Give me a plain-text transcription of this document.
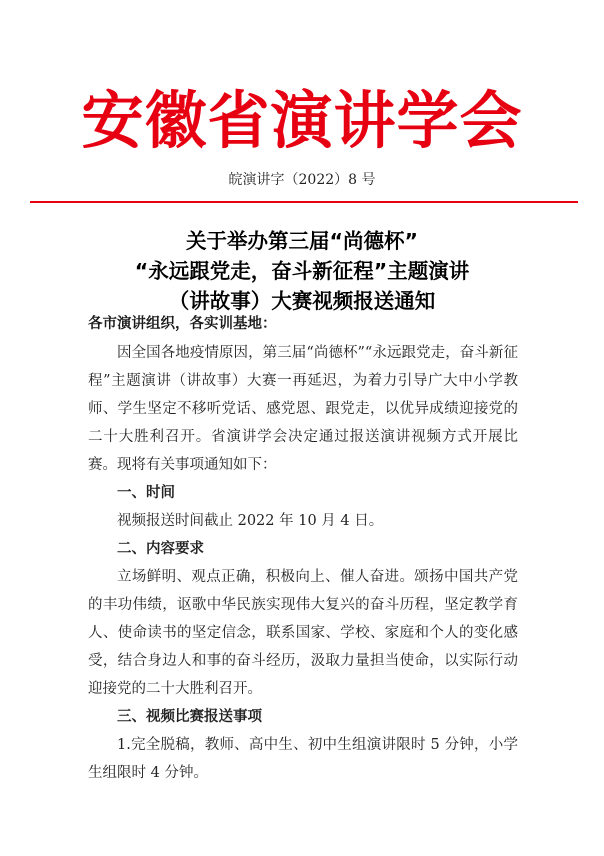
安徽省演讲学会
皖演讲字（2022）8 号
关于举办第三届“尚德杯”
“永远跟党走，奋斗新征程”主题演讲
（讲故事）大赛视频报送通知
各市演讲组织，各实训基地：

因全国各地疫情原因，第三届“尚德杯”“永远跟党走，奋斗新征程”主题演讲（讲故事）大赛一再延迟，为着力引导广大中小学教师、学生坚定不移听党话、感党恩、跟党走，以优异成绩迎接党的二十大胜利召开。省演讲学会决定通过报送演讲视频方式开展比赛。现将有关事项通知如下：

一、时间

视频报送时间截止 2022 年 10 月 4 日。

二、内容要求

立场鲜明、观点正确，积极向上、催人奋进。颂扬中国共产党的丰功伟绩，讴歌中华民族实现伟大复兴的奋斗历程，坚定教学育人、使命读书的坚定信念，联系国家、学校、家庭和个人的变化感受，结合身边人和事的奋斗经历，汲取力量担当使命，以实际行动迎接党的二十大胜利召开。

三、视频比赛报送事项

1.完全脱稿，教师、高中生、初中生组演讲限时 5 分钟，小学生组限时 4 分钟。
